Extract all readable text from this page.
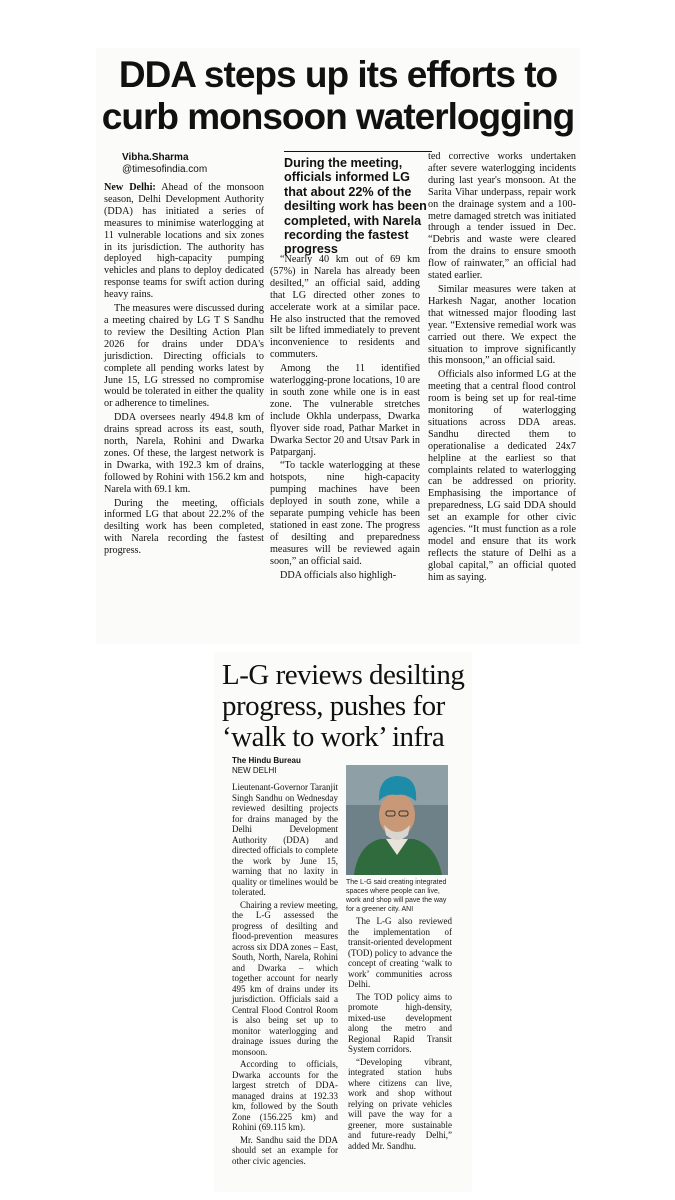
DDA steps up its efforts to curb monsoon waterlogging
Vibha.Sharma
@timesofindia.com	During the meeting, officials informed LG that about 22% of the desilting work has been completed, with Narela recording the fastest progress

New Delhi: Ahead of the monsoon season, Delhi Development Authority (DDA) has initiated a series of measures to minimise waterlogging at 11 vulnerable locations and six zones in its jurisdiction. The authority has deployed high-capacity pumping vehicles and plans to deploy dedicated response teams for swift action during heavy rains.

The measures were discussed during a meeting chaired by LG T S Sandhu to review the Desilting Action Plan 2026 for drains under DDA's jurisdiction. Directing officials to complete all pending works latest by June 15, LG stressed no compromise would be tolerated in either the quality or adherence to timelines.

DDA oversees nearly 494.8 km of drains spread across its east, south, north, Narela, Rohini and Dwarka zones. Of these, the largest network is in Dwarka, with 192.3 km of drains, followed by Rohini with 156.2 km and Narela with 69.1 km.

During the meeting, officials informed LG that about 22.2% of the desilting work has been completed, with Narela recording the fastest progress.

“Nearly 40 km out of 69 km (57%) in Narela has already been desilted,” an official said, adding that LG directed other zones to accelerate work at a similar pace. He also instructed that the removed silt be lifted immediately to prevent inconvenience to residents and commuters.

Among the 11 identified waterlogging-prone locations, 10 are in south zone while one is in east zone. The vulnerable stretches include Okhla underpass, Dwarka flyover side road, Pathar Market in Dwarka Sector 20 and Utsav Park in Patparganj.

“To tackle waterlogging at these hotspots, nine high-capacity pumping machines have been deployed in south zone, while a separate pumping vehicle has been stationed in east zone. The progress of desilting and preparedness measures will be reviewed again soon,” an official said.

DDA officials also highligh-

ted corrective works undertaken after severe waterlogging incidents during last year's monsoon. At the Sarita Vihar underpass, repair work on the drainage system and a 100-metre damaged stretch was initiated through a tender issued in Dec. “Debris and waste were cleared from the drains to ensure smooth flow of rainwater,” an official had stated earlier.

Similar measures were taken at Harkesh Nagar, another location that witnessed major flooding last year. “Extensive remedial work was carried out there. We expect the situation to improve significantly this monsoon,” an official said.

Officials also informed LG at the meeting that a central flood control room is being set up for real-time monitoring of waterlogging situations across DDA areas. Sandhu directed them to operationalise a dedicated 24x7 helpline at the earliest so that complaints related to waterlogging can be addressed on priority. Emphasising the importance of preparedness, LG said DDA should set an example for other civic agencies. “It must function as a role model and ensure that its work reflects the stature of Delhi as a global capital,” an official quoted him as saying.

L-G reviews desilting progress, pushes for ‘walk to work’ infra
The Hindu Bureau
NEW DELHI

Lieutenant-Governor Taranjit Singh Sandhu on Wednesday reviewed desilting projects for drains managed by the Delhi Development Authority (DDA) and directed officials to complete the work by June 15, warning that no laxity in quality or timelines would be tolerated.

Chairing a review meeting, the L-G assessed the progress of desilting and flood-prevention measures across six DDA zones – East, South, North, Narela, Rohini and Dwarka – which together account for nearly 495 km of drains under its jurisdiction. Officials said a Central Flood Control Room is also being set up to monitor waterlogging and drainage issues during the monsoon.

According to officials, Dwarka accounts for the largest stretch of DDA-managed drains at 192.33 km, followed by the South Zone (156.225 km) and Rohini (69.115 km).

Mr. Sandhu said the DDA should set an example for other civic agencies.

The L-G said creating integrated spaces where people can live, work and shop will pave the way for a greener city. ANI

The L-G also reviewed the implementation of transit-oriented development (TOD) policy to advance the concept of creating ‘walk to work’ communities across Delhi.

The TOD policy aims to promote high-density, mixed-use development along the metro and Regional Rapid Transit System corridors.

“Developing vibrant, integrated station hubs where citizens can live, work and shop without relying on private vehicles will pave the way for a greener, more sustainable and future-ready Delhi,” added Mr. Sandhu.
